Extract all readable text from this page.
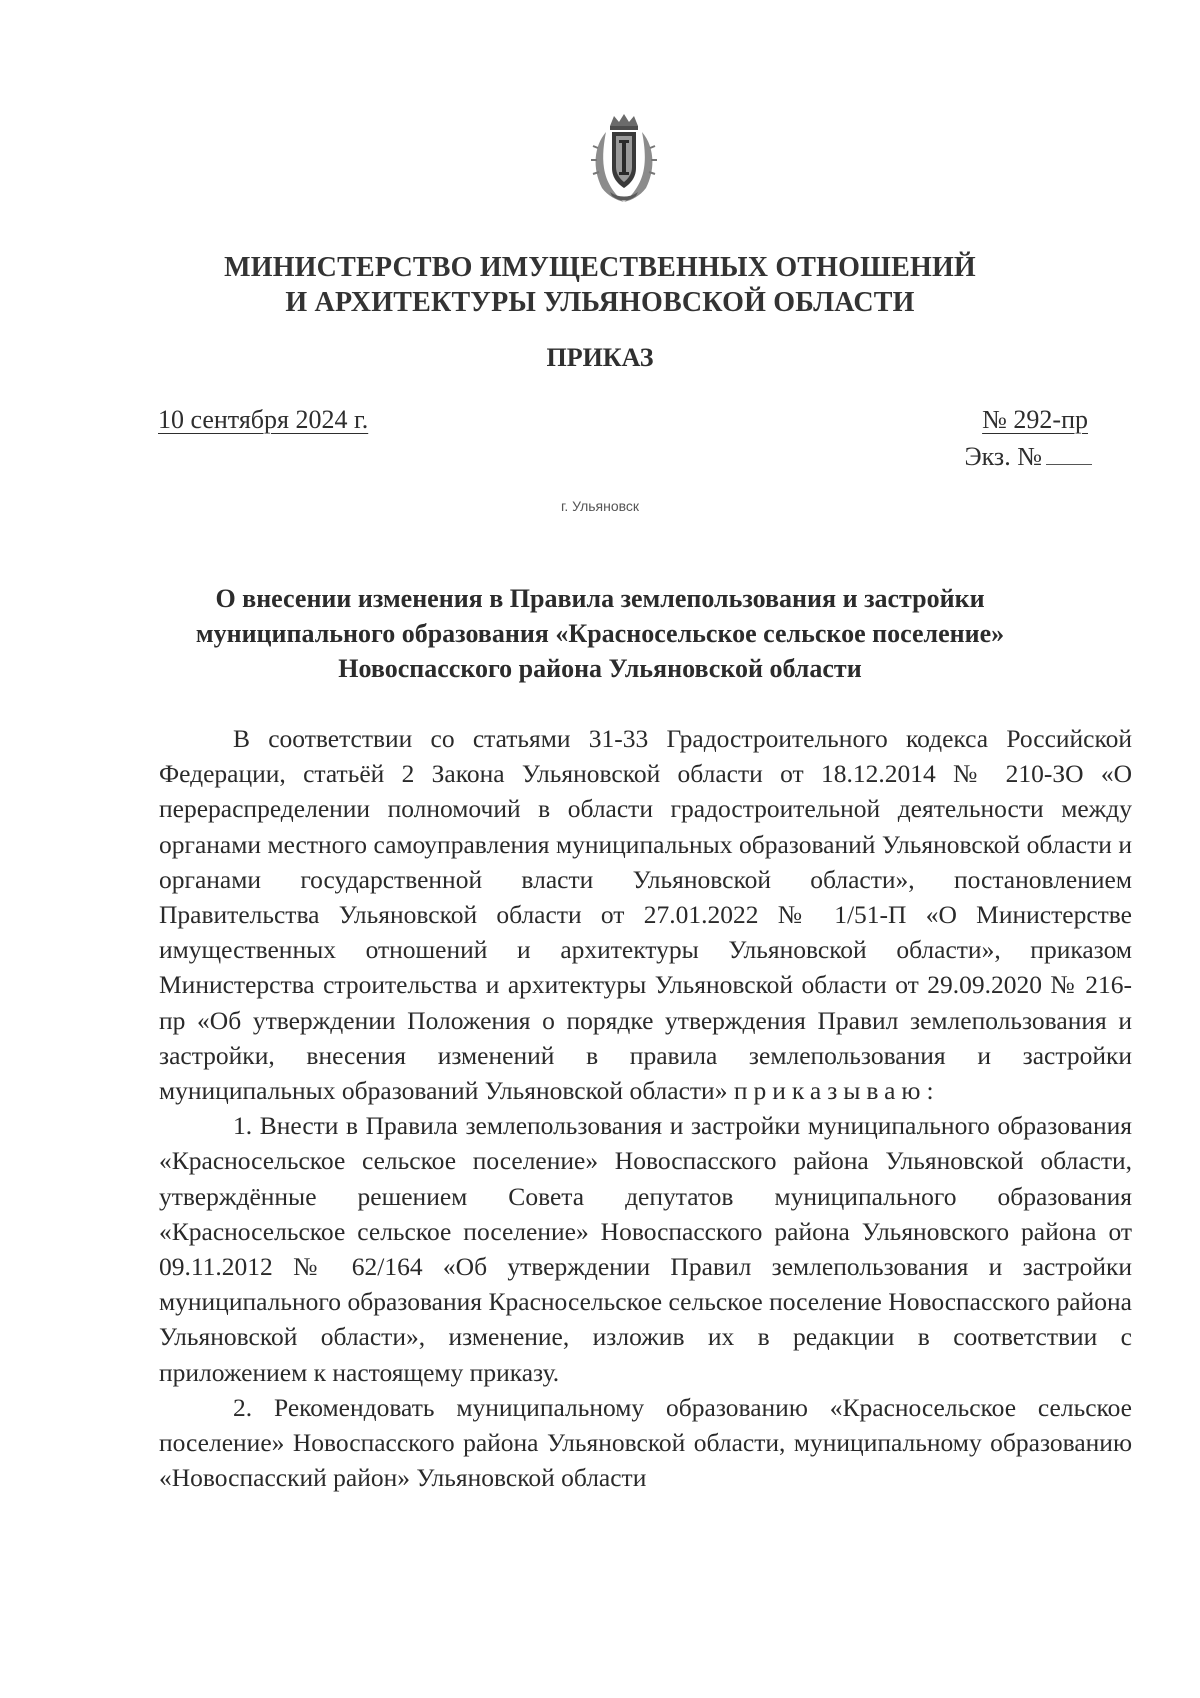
МИНИСТЕРСТВО ИМУЩЕСТВЕННЫХ ОТНОШЕНИЙ
И АРХИТЕКТУРЫ УЛЬЯНОВСКОЙ ОБЛАСТИ
ПРИКАЗ
10 сентября 2024 г.	№ 292-пр
Экз. №
г. Ульяновск
О внесении изменения в Правила землепользования и застройки
муниципального образования «Красносельское сельское поселение»
Новоспасского района Ульяновской области

В соответствии со статьями 31-33 Градостроительного кодекса Российской Федерации, статьёй 2 Закона Ульяновской области от 18.12.2014 № 210-ЗО «О перераспределении полномочий в области градостроительной деятельности между органами местного самоуправления муниципальных образований Ульяновской области и органами государственной власти Ульяновской области», постановлением Правительства Ульяновской области от 27.01.2022 № 1/51-П «О Министерстве имущественных отношений и архитектуры Ульяновской области», приказом Министерства строительства и архитектуры Ульяновской области от 29.09.2020 № 216-пр «Об утверждении Положения о порядке утверждения Правил землепользования и застройки, внесения изменений в правила землепользования и застройки муниципальных образований Ульяновской области» приказываю:

1. Внести в Правила землепользования и застройки муниципального образования «Красносельское сельское поселение» Новоспасского района Ульяновской области, утверждённые решением Совета депутатов муниципального образования «Красносельское сельское поселение» Новоспасского района Ульяновского района от 09.11.2012 № 62/164 «Об утверждении Правил землепользования и застройки муниципального образования Красносельское сельское поселение Новоспасского района Ульяновской области», изменение, изложив их в редакции в соответствии с приложением к настоящему приказу.

2. Рекомендовать муниципальному образованию «Красносельское сельское поселение» Новоспасского района Ульяновской области, муниципальному образованию «Новоспасский район» Ульяновской области
